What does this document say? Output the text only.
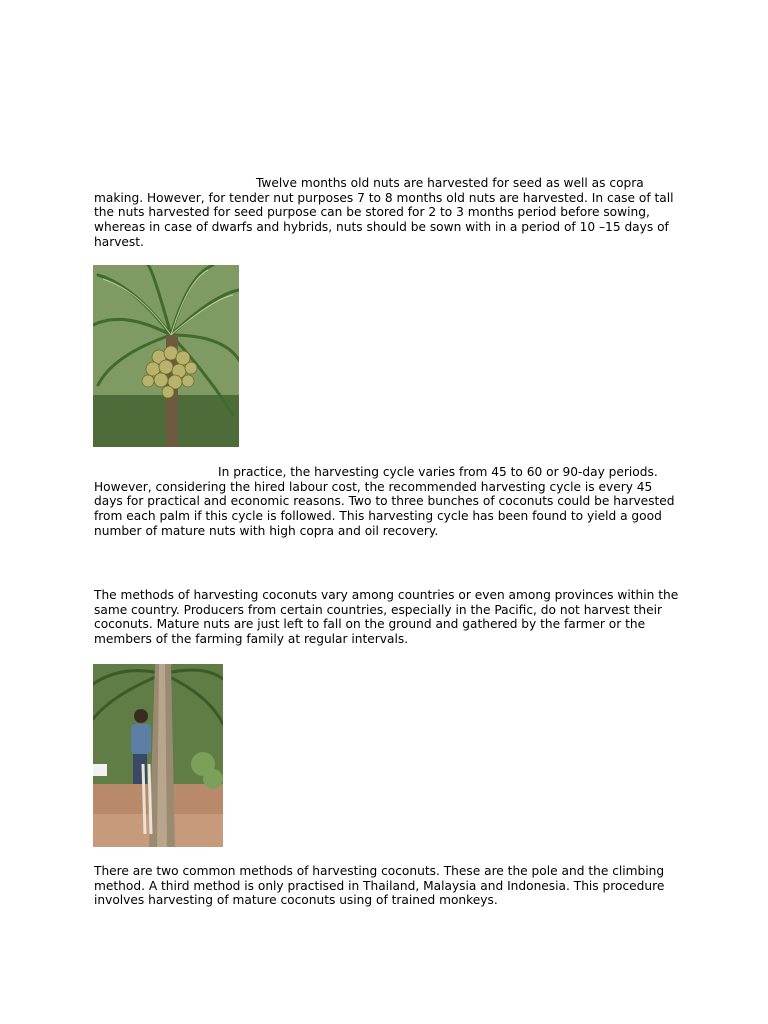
Twelve months old nuts are harvested for seed as well as copra making. However, for tender nut purposes 7 to 8 months old nuts are harvested. In case of tall the nuts harvested for seed purpose can be stored for 2 to 3 months period before sowing, whereas in case of dwarfs and hybrids, nuts should be sown with in a period of 10 –15 days of harvest.

In practice, the harvesting cycle varies from 45 to 60 or 90-day periods. However, considering the hired labour cost, the recommended harvesting cycle is every 45 days for practical and economic reasons. Two to three bunches of coconuts could be harvested from each palm if this cycle is followed. This harvesting cycle has been found to yield a good number of mature nuts with high copra and oil recovery.

The methods of harvesting coconuts vary among countries or even among provinces within the same country. Producers from certain countries, especially in the Pacific, do not harvest their coconuts. Mature nuts are just left to fall on the ground and gathered by the farmer or the members of the farming family at regular intervals.

There are two common methods of harvesting coconuts. These are the pole and the climbing method. A third method is only practised in Thailand, Malaysia and Indonesia. This procedure involves harvesting of mature coconuts using of trained monkeys.
